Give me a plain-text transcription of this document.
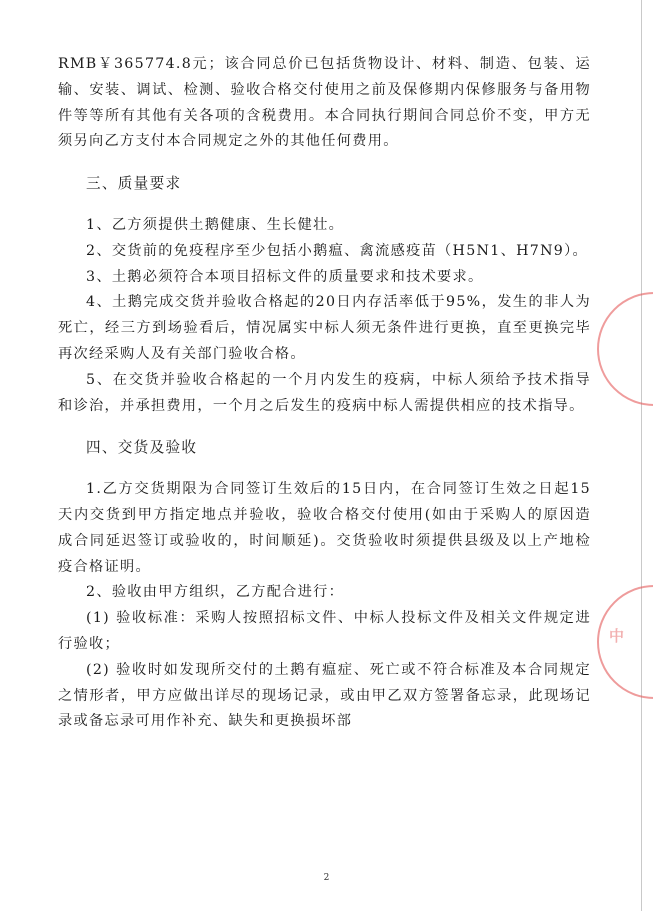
中

RMB￥365774.8元；该合同总价已包括货物设计、材料、制造、包装、运输、安装、调试、检测、验收合格交付使用之前及保修期内保修服务与备用物件等等所有其他有关各项的含税费用。本合同执行期间合同总价不变，甲方无须另向乙方支付本合同规定之外的其他任何费用。

三、质量要求

1、乙方须提供土鹅健康、生长健壮。

2、交货前的免疫程序至少包括小鹅瘟、禽流感疫苗（H5N1、H7N9）。

3、土鹅必须符合本项目招标文件的质量要求和技术要求。

4、土鹅完成交货并验收合格起的20日内存活率低于95%，发生的非人为死亡，经三方到场验看后，情况属实中标人须无条件进行更换，直至更换完毕再次经采购人及有关部门验收合格。

5、在交货并验收合格起的一个月内发生的疫病，中标人须给予技术指导和诊治，并承担费用，一个月之后发生的疫病中标人需提供相应的技术指导。

四、交货及验收

1.乙方交货期限为合同签订生效后的15日内，在合同签订生效之日起15天内交货到甲方指定地点并验收，验收合格交付使用(如由于采购人的原因造成合同延迟签订或验收的，时间顺延)。交货验收时须提供县级及以上产地检疫合格证明。

2、验收由甲方组织，乙方配合进行：

(1) 验收标准：采购人按照招标文件、中标人投标文件及相关文件规定进行验收；

(2) 验收时如发现所交付的土鹅有瘟症、死亡或不符合标准及本合同规定之情形者，甲方应做出详尽的现场记录，或由甲乙双方签署备忘录，此现场记录或备忘录可用作补充、缺失和更换损坏部

2
